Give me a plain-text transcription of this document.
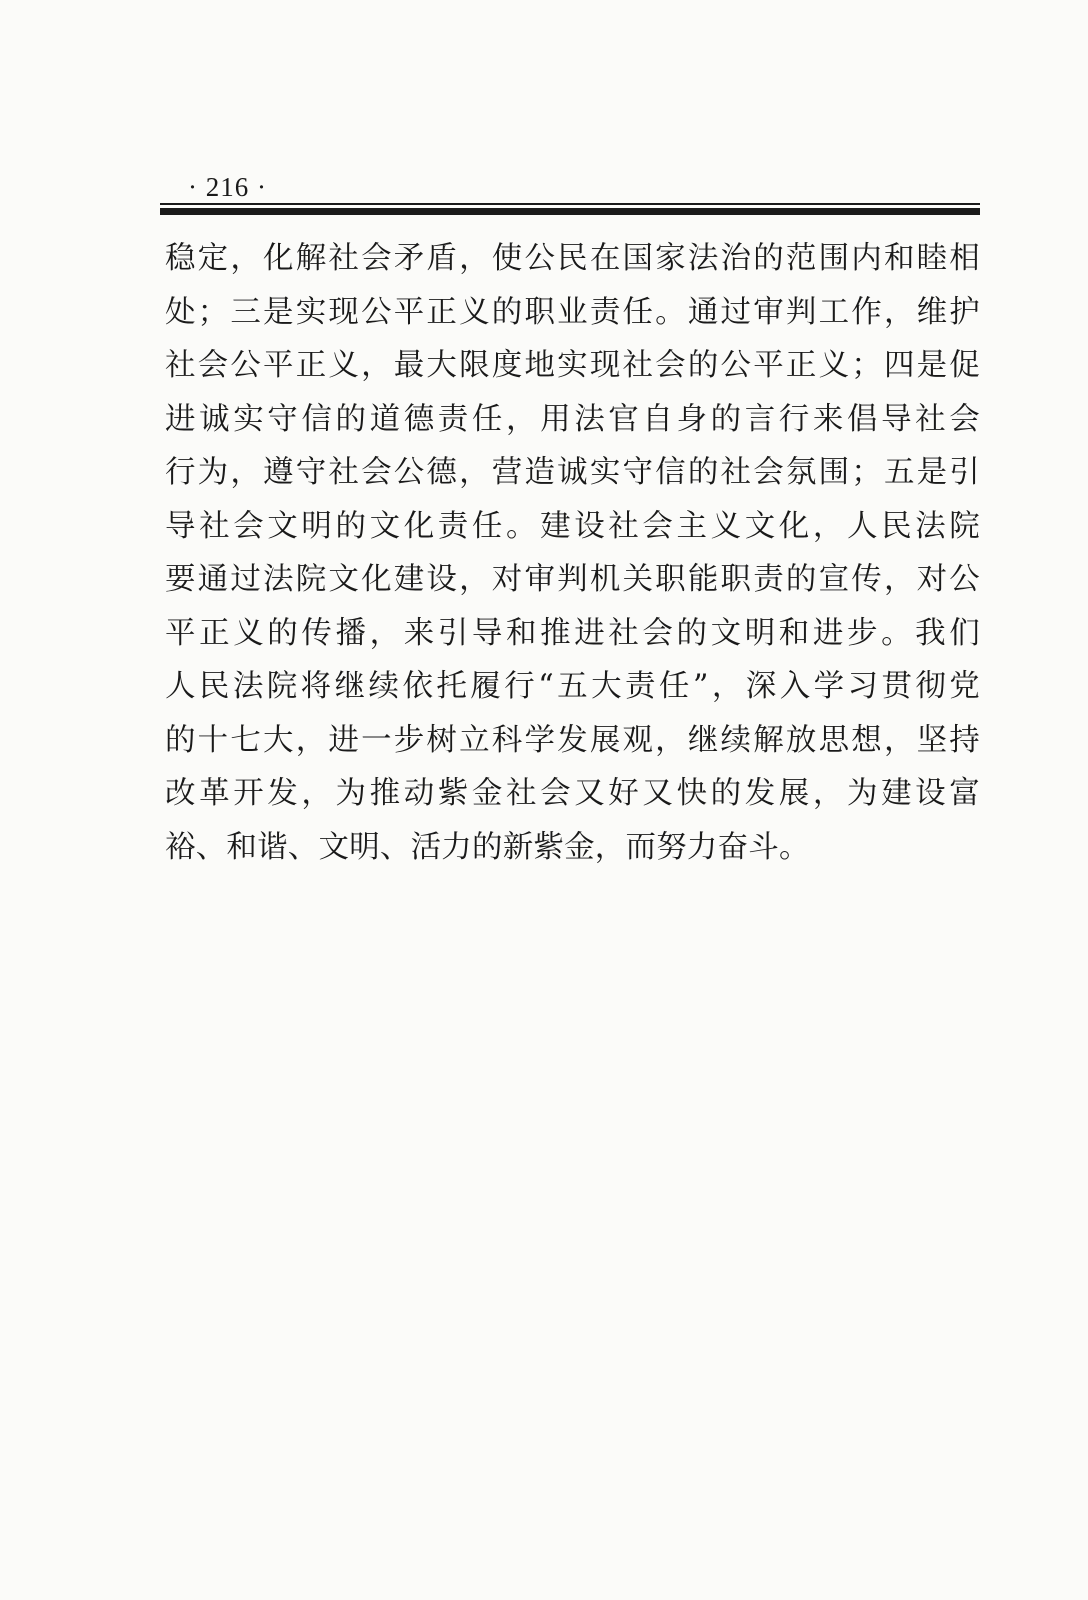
· 216 ·
稳定，化解社会矛盾，使公民在国家法治的范围内和睦相
处；三是实现公平正义的职业责任。通过审判工作，维护
社会公平正义，最大限度地实现社会的公平正义；四是促
进诚实守信的道德责任，用法官自身的言行来倡导社会
行为，遵守社会公德，营造诚实守信的社会氛围；五是引
导社会文明的文化责任。建设社会主义文化，人民法院
要通过法院文化建设，对审判机关职能职责的宣传，对公
平正义的传播，来引导和推进社会的文明和进步。我们
人民法院将继续依托履行“五大责任”，深入学习贯彻党
的十七大，进一步树立科学发展观，继续解放思想，坚持
改革开发，为推动紫金社会又好又快的发展，为建设富
裕、和谐、文明、活力的新紫金，而努力奋斗。
